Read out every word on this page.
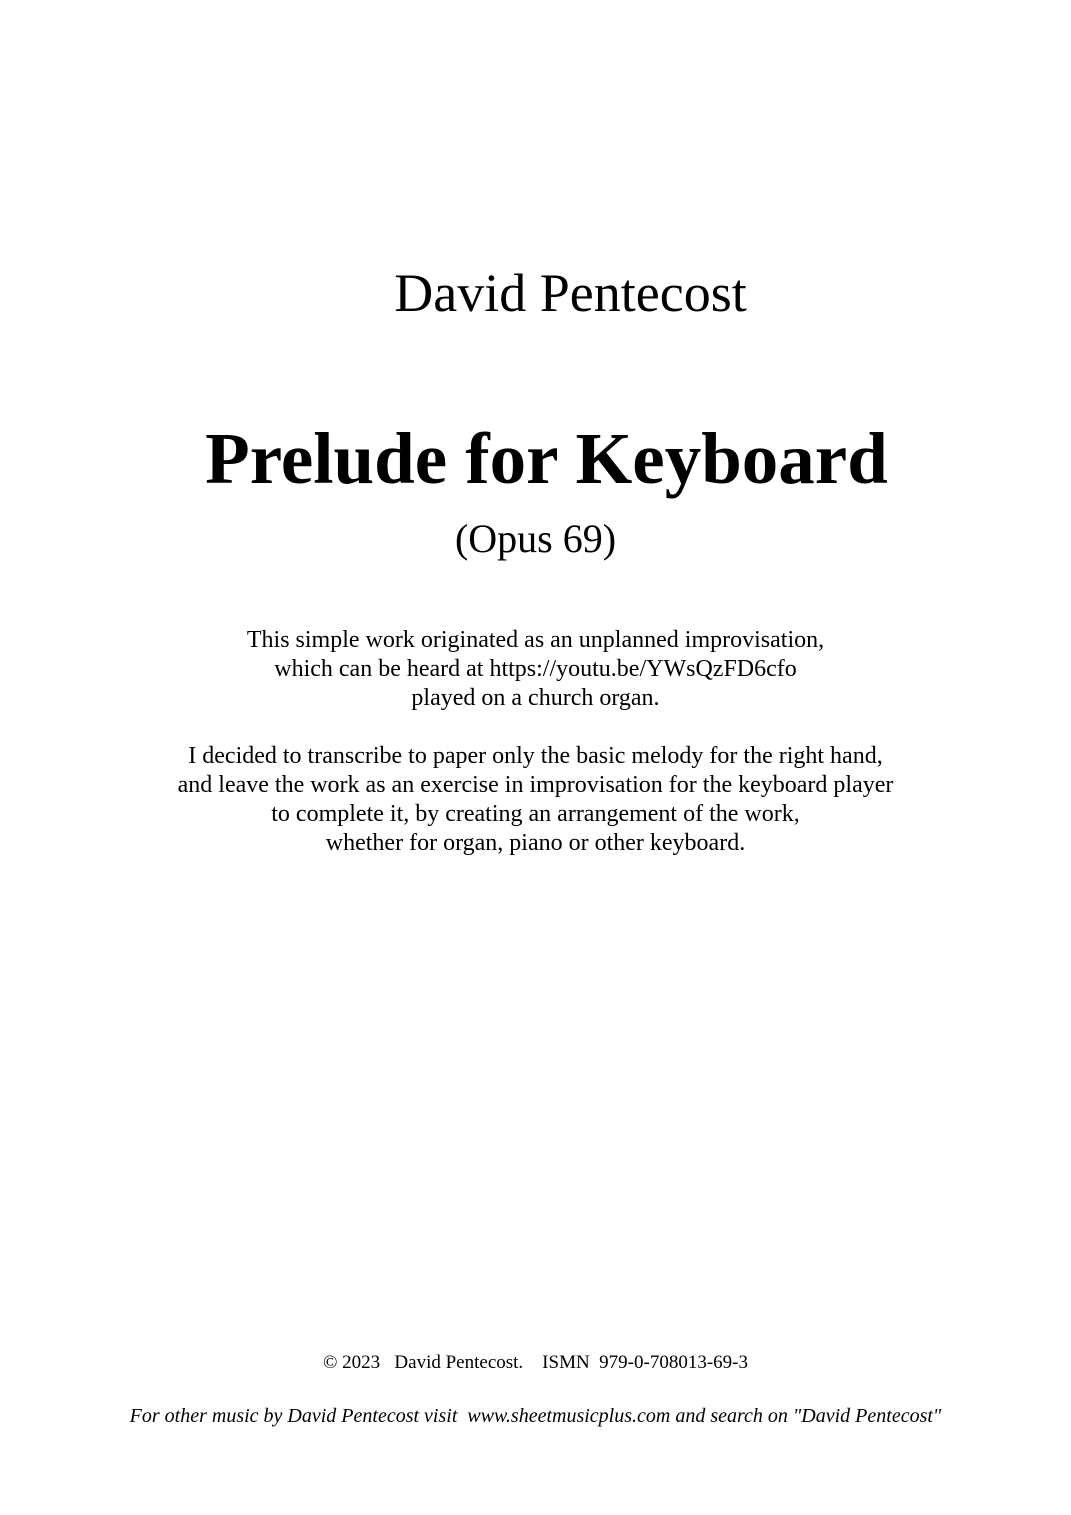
David Pentecost
Prelude for Keyboard
(Opus 69)
This simple work originated as an unplanned improvisation,
which can be heard at https://youtu.be/YWsQzFD6cfo
played on a church organ.
I decided to transcribe to paper only the basic melody for the right hand,
and leave the work as an exercise in improvisation for the keyboard player
to complete it, by creating an arrangement of the work,
whether for organ, piano or other keyboard.
© 2023   David Pentecost.    ISMN  979-0-708013-69-3
For other music by David Pentecost visit  www.sheetmusicplus.com and search on "David Pentecost"
